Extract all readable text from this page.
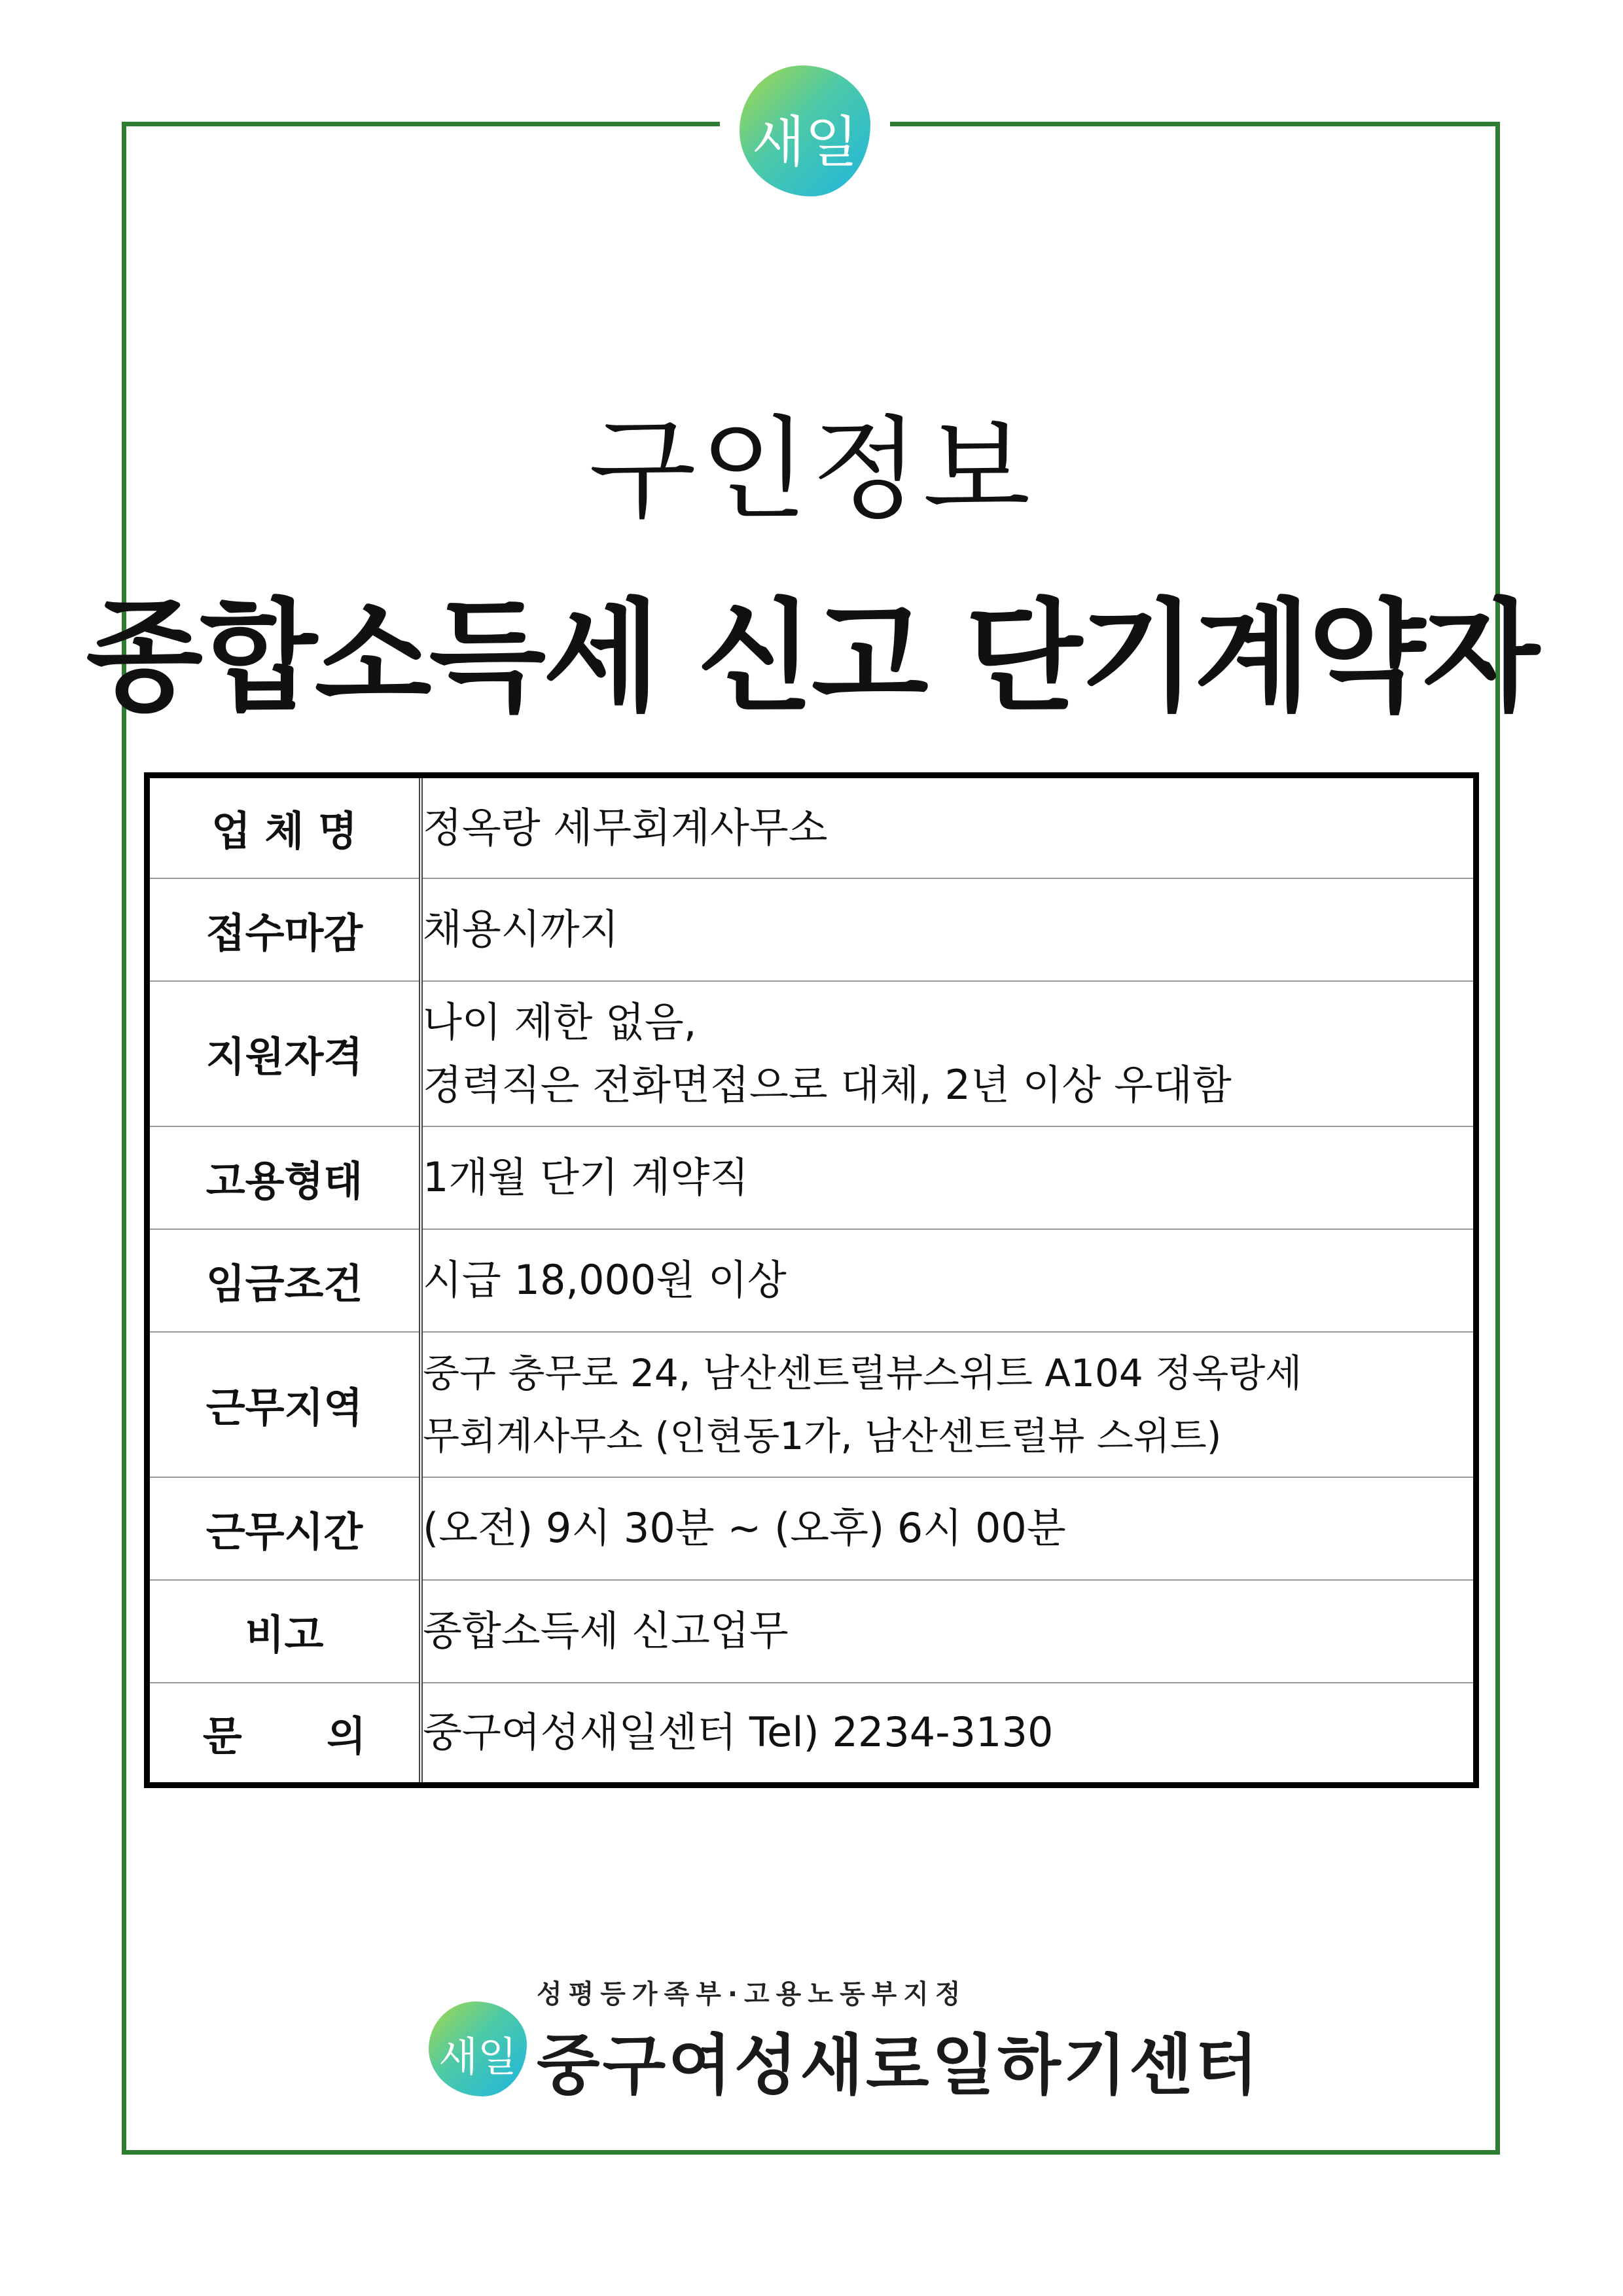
새일
구인정보
종합소득세 신고 단기계약자
업 체 명	정옥랑 세무회계사무소

접수마감	채용시까지

지원자격	나이 제한 없음,
경력직은 전화면접으로 대체, 2년 이상 우대함

고용형태	1개월 단기 계약직

임금조건	시급 18,000원 이상

근무지역	중구 충무로 24, 남산센트럴뷰스위트 A104 정옥랑세
무회계사무소 (인현동1가, 남산센트럴뷰 스위트)

근무시간	(오전) 9시 30분 ~ (오후) 6시 00분

비고	종합소득세 신고업무

문      의	중구여성새일센터 Tel) 2234-3130
성평등가족부·고용노동부지정
새일 중구여성새로일하기센터
